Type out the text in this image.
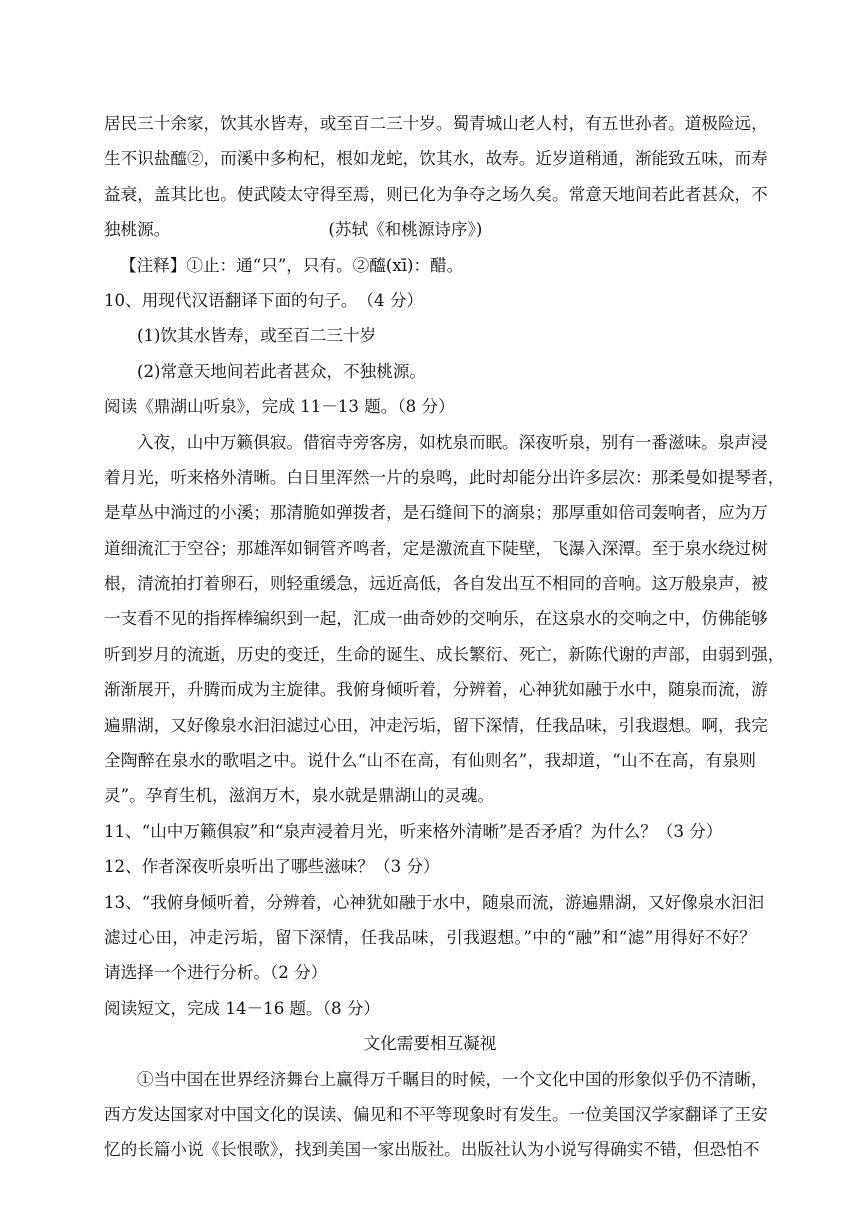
居民三十余家，饮其水皆寿，或至百二三十岁。蜀青城山老人村，有五世孙者。道极险远，
生不识盐醯②，而溪中多枸杞，根如龙蛇，饮其水，故寿。近岁道稍通，渐能致五味，而寿
益衰，盖其比也。使武陵太守得至焉，则已化为争夺之场久矣。常意天地间若此者甚众，不
独桃源。	(苏轼《和桃源诗序》)
【注释】①止：通“只”，只有。②醯(xī)：醋。
10、用现代汉语翻译下面的句子。　（4 分）
(1)饮其水皆寿，或至百二三十岁
(2)常意天地间若此者甚众，不独桃源。
阅读《鼎湖山听泉》，完成 11－13 题。（8 分）
入夜，山中万籁俱寂。借宿寺旁客房，如枕泉而眠。深夜听泉，别有一番滋味。泉声浸
着月光，听来格外清晰。白日里浑然一片的泉鸣，此时却能分出许多层次：那柔曼如提琴者，
是草丛中淌过的小溪；那清脆如弹拨者，是石缝间下的滴泉；那厚重如倍司轰响者，应为万
道细流汇于空谷；那雄浑如铜管齐鸣者，定是激流直下陡壁，飞瀑入深潭。至于泉水绕过树
根，清流拍打着卵石，则轻重缓急，远近高低，各自发出互不相同的音响。这万般泉声，被
一支看不见的指挥棒编织到一起，汇成一曲奇妙的交响乐，在这泉水的交响之中，仿佛能够
听到岁月的流逝，历史的变迁，生命的诞生、成长繁衍、死亡，新陈代谢的声部，由弱到强，
渐渐展开，升腾而成为主旋律。我俯身倾听着，分辨着，心神犹如融于水中，随泉而流，游
遍鼎湖，又好像泉水汩汩滤过心田，冲走污垢，留下深情，任我品味，引我遐想。啊，我完
全陶醉在泉水的歌唱之中。说什么“山不在高，有仙则名”，我却道，“山不在高，有泉则
灵”。孕育生机，滋润万木，泉水就是鼎湖山的灵魂。
11、“山中万籁俱寂”和“泉声浸着月光，听来格外清晰”是否矛盾？为什么？（3 分）
12、作者深夜听泉听出了哪些滋味？（3 分）
13、“我俯身倾听着，分辨着，心神犹如融于水中，随泉而流，游遍鼎湖，又好像泉水汩汩
滤过心田，冲走污垢，留下深情，任我品味，引我遐想。”中的“融”和“滤”用得好不好？
请选择一个进行分析。（2 分）
阅读短文，完成 14－16 题。（8 分）
文化需要相互凝视
①当中国在世界经济舞台上赢得万千瞩目的时候，一个文化中国的形象似乎仍不清晰，
西方发达国家对中国文化的误读、偏见和不平等现象时有发生。一位美国汉学家翻译了王安
忆的长篇小说《长恨歌》，找到美国一家出版社。出版社认为小说写得确实不错，但恐怕不
